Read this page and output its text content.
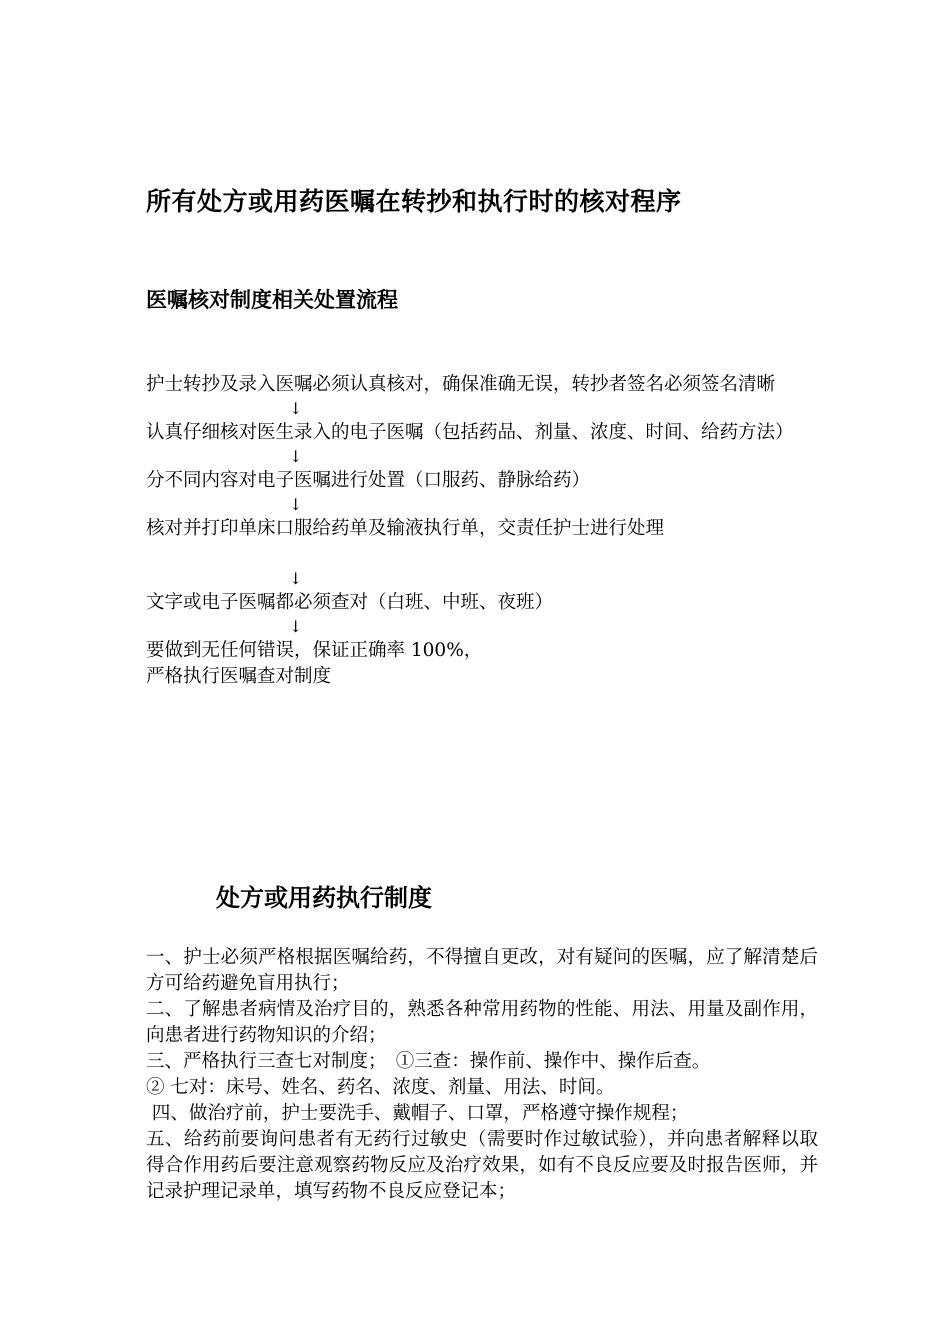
所有处方或用药医嘱在转抄和执行时的核对程序
医嘱核对制度相关处置流程

护士转抄及录入医嘱必须认真核对，确保准确无误，转抄者签名必须签名清晰

↓

认真仔细核对医生录入的电子医嘱（包括药品、剂量、浓度、时间、给药方法）

↓

分不同内容对电子医嘱进行处置（口服药、静脉给药）

↓

核对并打印单床口服给药单及输液执行单，交责任护士进行处理

↓

文字或电子医嘱都必须查对（白班、中班、夜班）

↓

要做到无任何错误，保证正确率 100%，

严格执行医嘱查对制度

处方或用药执行制度

一、护士必须严格根据医嘱给药，不得擅自更改，对有疑问的医嘱，应了解清楚后方可给药避免盲用执行；

二、了解患者病情及治疗目的，熟悉各种常用药物的性能、用法、用量及副作用，向患者进行药物知识的介绍；

三、严格执行三查七对制度；　①三查：操作前、操作中、操作后查。

② 七对：床号、姓名、药名、浓度、剂量、用法、时间。

四、做治疗前，护士要洗手、戴帽子、口罩，严格遵守操作规程；

五、给药前要询问患者有无药行过敏史（需要时作过敏试验），并向患者解释以取得合作用药后要注意观察药物反应及治疗效果，如有不良反应要及时报告医师，并记录护理记录单，填写药物不良反应登记本；
